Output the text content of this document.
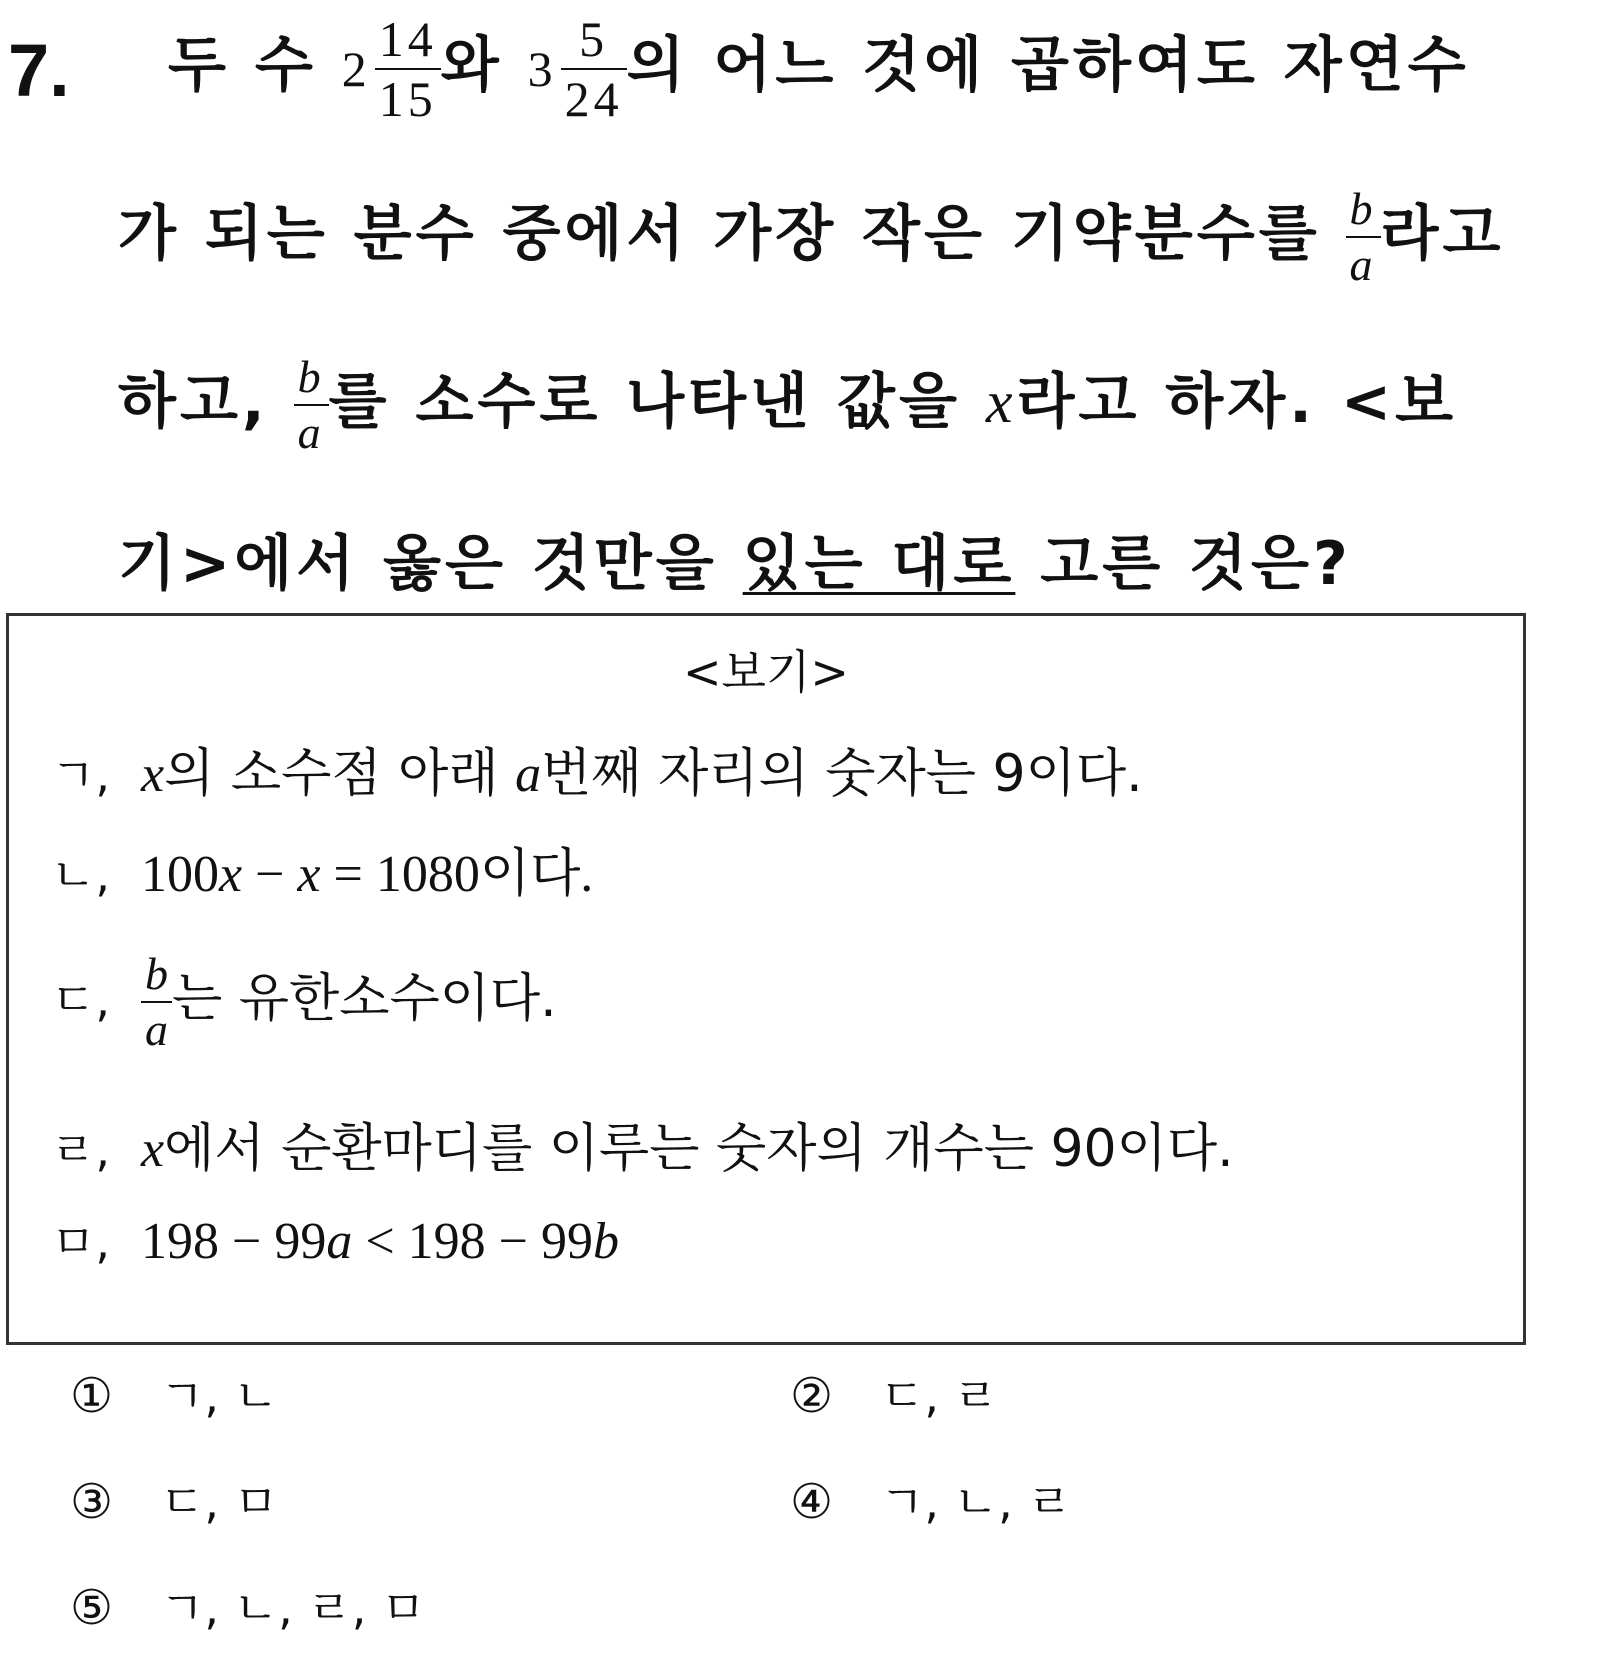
7. 두 수 $2 \frac{14}{15}$ 와 $3 \frac{5}{24}$ 의 어느 것에 곱하여도 자연수
가 되는 분수 중에서 가장 작은 기약분수를 $\frac{b}{a}$ 라고
하고, $\frac{b}{a}$ 를 소수로 나타낸 값을 x라고 하자. <보
기>에서 옳은 것만을 있는 대로 고른 것은?
<보기>
ㄱ, x의 소수점 아래 a번째 자리의 숫자는 9이다.
ㄴ, 100x − x = 1080이다.
ㄷ, $\frac{b}{a}$ 는 유한소수이다.
ㄹ, x에서 순환마디를 이루는 숫자의 개수는 90이다.
ㅁ, 198 − 99a < 198 − 99b
① ㄱ, ㄴ	② ㄷ, ㄹ
③ ㄷ, ㅁ	④ ㄱ, ㄴ, ㄹ
⑤ ㄱ, ㄴ, ㄹ, ㅁ
